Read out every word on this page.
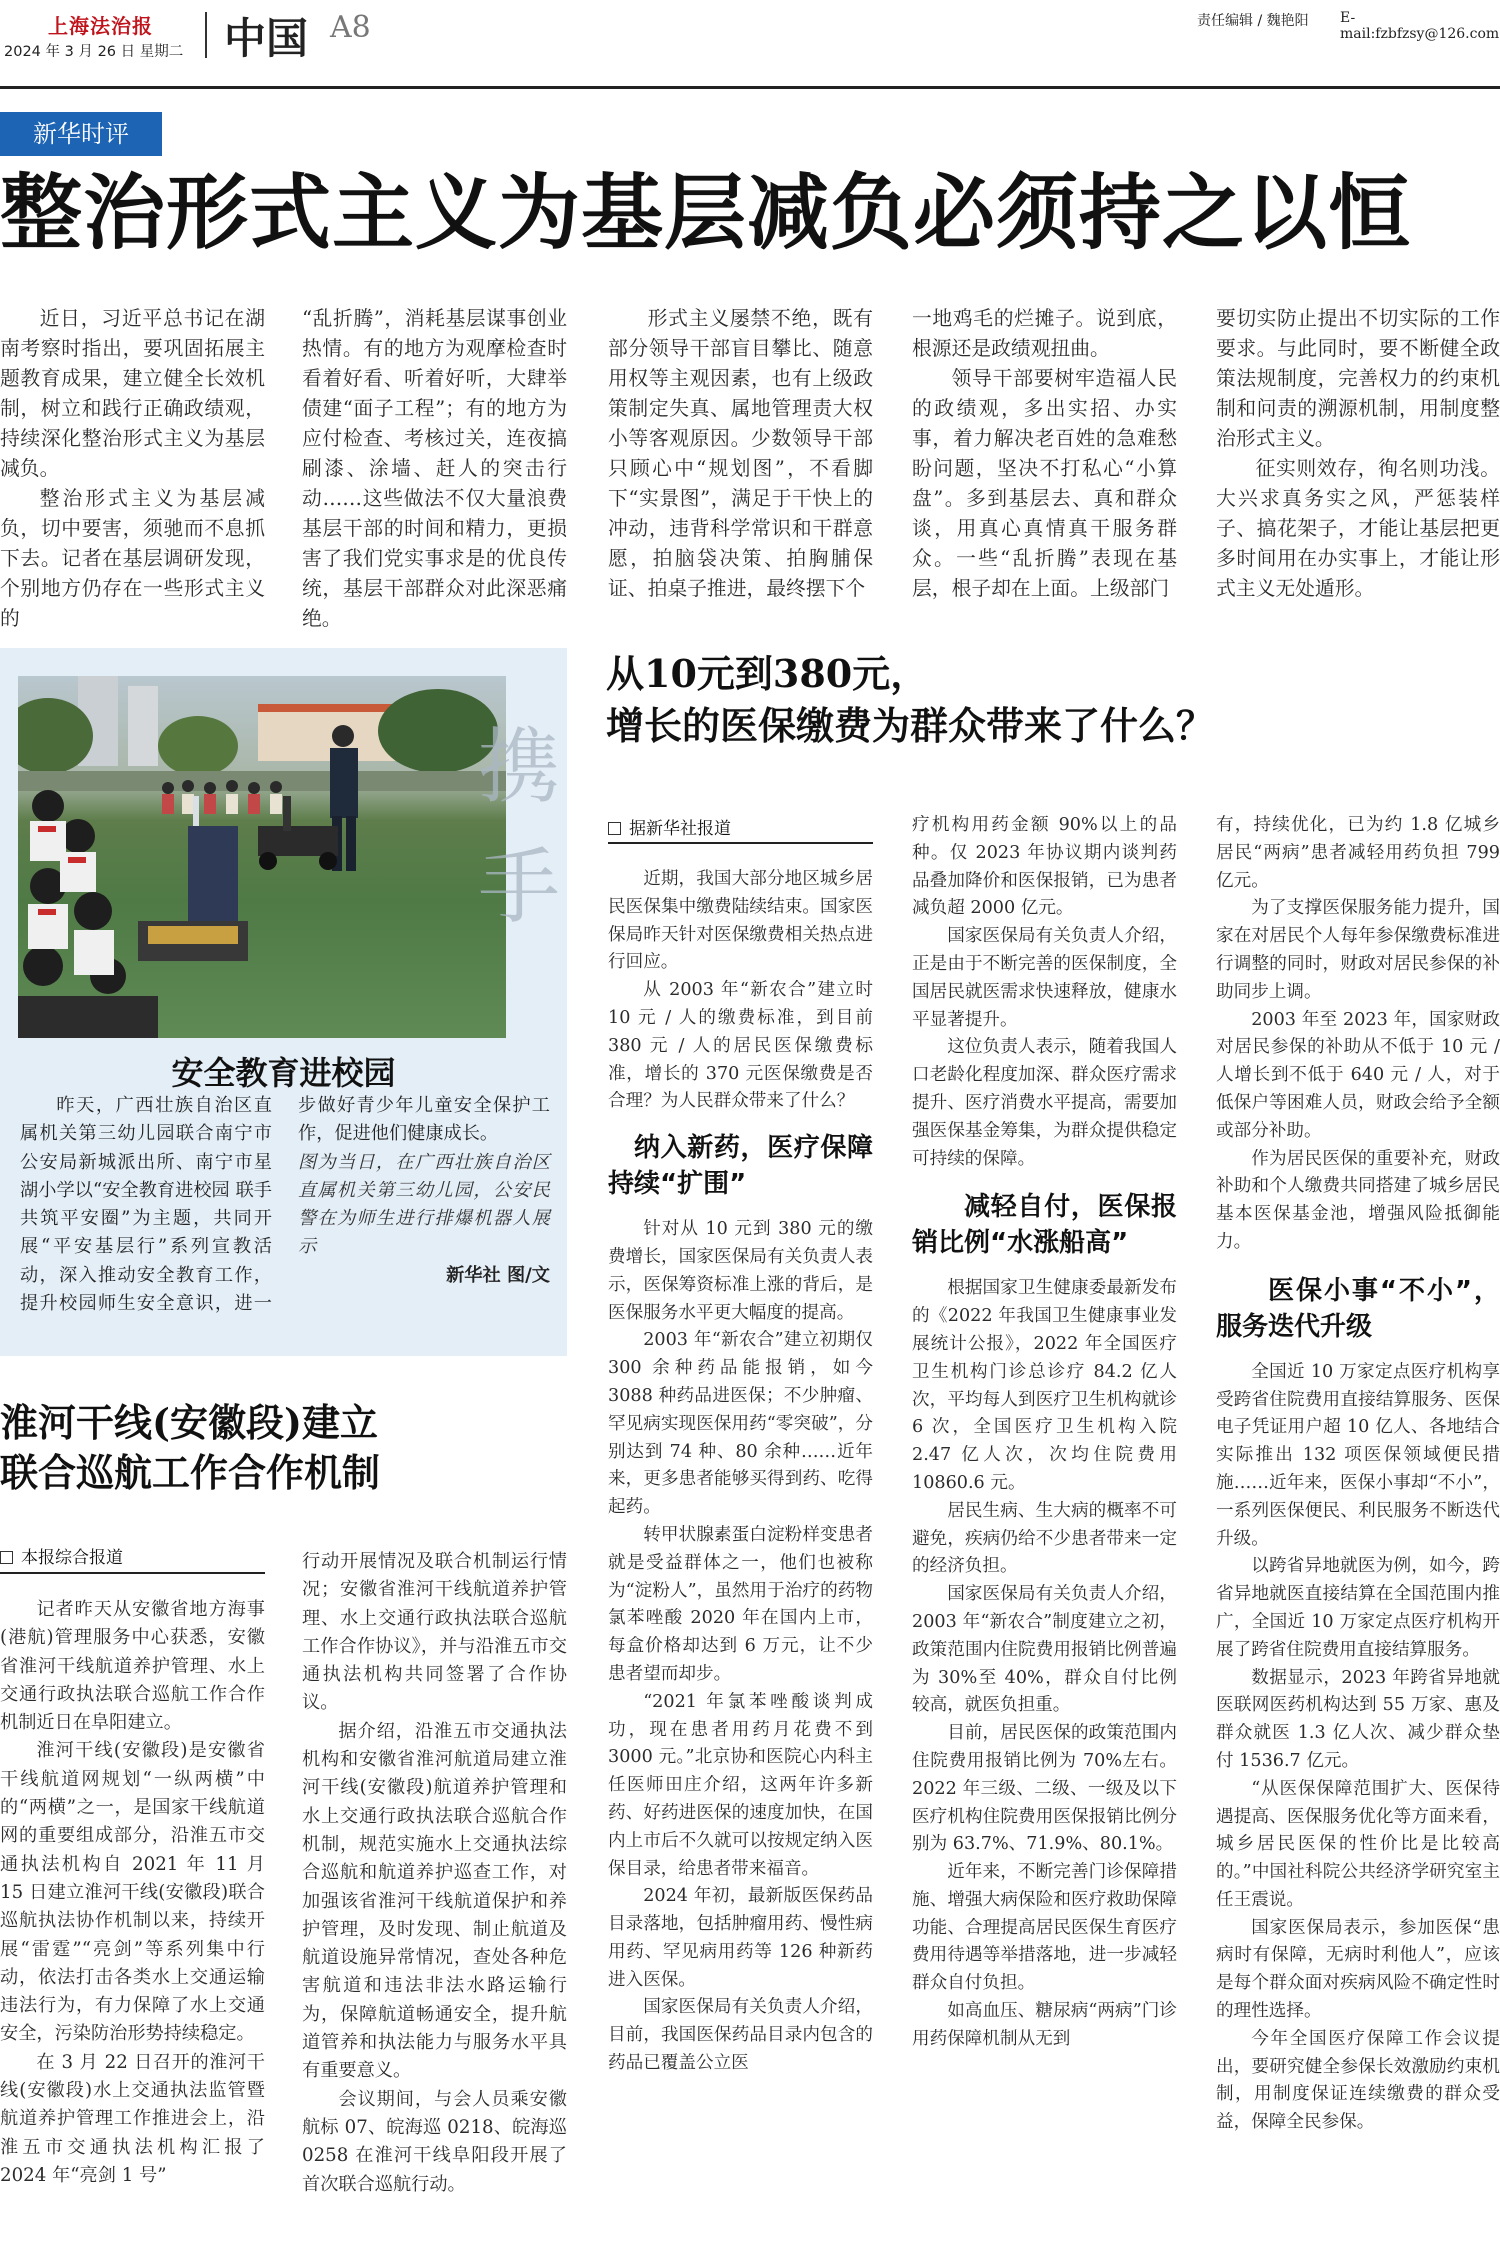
上海法治报
2024 年 3 月 26 日 星期二 中国 A8	责任编辑 / 魏艳阳 E-mail:fzbfzsy@126.com
新华时评
整治形式主义为基层减负必须持之以恒

近日，习近平总书记在湖南考察时指出，要巩固拓展主题教育成果，建立健全长效机制，树立和践行正确政绩观，持续深化整治形式主义为基层减负。

整治形式主义为基层减负，切中要害，须驰而不息抓下去。记者在基层调研发现，个别地方仍存在一些形式主义的

“乱折腾”，消耗基层谋事创业热情。有的地方为观摩检查时看着好看、听着好听，大肆举债建“面子工程”；有的地方为应付检查、考核过关，连夜搞刷漆、涂墙、赶人的突击行动……这些做法不仅大量浪费基层干部的时间和精力，更损害了我们党实事求是的优良传统，基层干部群众对此深恶痛绝。

形式主义屡禁不绝，既有部分领导干部盲目攀比、随意用权等主观因素，也有上级政策制定失真、属地管理责大权小等客观原因。少数领导干部只顾心中“规划图”，不看脚下“实景图”，满足于干快上的冲动，违背科学常识和干群意愿，拍脑袋决策、拍胸脯保证、拍桌子推进，最终摆下个

一地鸡毛的烂摊子。说到底，根源还是政绩观扭曲。

领导干部要树牢造福人民的政绩观，多出实招、办实事，着力解决老百姓的急难愁盼问题，坚决不打私心“小算盘”。多到基层去、真和群众谈，用真心真情真干服务群众。一些“乱折腾”表现在基层，根子却在上面。上级部门

要切实防止提出不切实际的工作要求。与此同时，要不断健全政策法规制度，完善权力的约束机制和问责的溯源机制，用制度整治形式主义。

征实则效存，徇名则功浅。大兴求真务实之风，严惩装样子、搞花架子，才能让基层把更多时间用在办实事上，才能让形式主义无处遁形。

携手
安全教育进校园
昨天，广西壮族自治区直属机关第三幼儿园联合南宁市公安局新城派出所、南宁市星湖小学以“安全教育进校园 联手共筑平安圈”为主题，共同开展“平安基层行”系列宣教活动，深入推动安全教育工作，提升校园师生安全意识，进一步做好青少年儿童安全保护工作，促进他们健康成长。
图为当日，在广西壮族自治区直属机关第三幼儿园，公安民警在为师生进行排爆机器人展示
新华社 图/文
淮河干线(安徽段)建立
联合巡航工作合作机制
本报综合报道

记者昨天从安徽省地方海事(港航)管理服务中心获悉，安徽省淮河干线航道养护管理、水上交通行政执法联合巡航工作合作机制近日在阜阳建立。

淮河干线(安徽段)是安徽省干线航道网规划“一纵两横”中的“两横”之一，是国家干线航道网的重要组成部分，沿淮五市交通执法机构自 2021 年 11 月 15 日建立淮河干线(安徽段)联合巡航执法协作机制以来，持续开展“雷霆”“亮剑”等系列集中行动，依法打击各类水上交通运输违法行为，有力保障了水上交通安全，污染防治形势持续稳定。

在 3 月 22 日召开的淮河干线(安徽段)水上交通执法监管暨航道养护管理工作推进会上，沿淮五市交通执法机构汇报了 2024 年“亮剑 1 号”

行动开展情况及联合机制运行情况；安徽省淮河干线航道养护管理、水上交通行政执法联合巡航工作合作协议》，并与沿淮五市交通执法机构共同签署了合作协议。

据介绍，沿淮五市交通执法机构和安徽省淮河航道局建立淮河干线(安徽段)航道养护管理和水上交通行政执法联合巡航合作机制，规范实施水上交通执法综合巡航和航道养护巡查工作，对加强该省淮河干线航道保护和养护管理，及时发现、制止航道及航道设施异常情况，查处各种危害航道和违法非法水路运输行为，保障航道畅通安全，提升航道管养和执法能力与服务水平具有重要意义。

会议期间，与会人员乘安徽航标 07、皖海巡 0218、皖海巡 0258 在淮河干线阜阳段开展了首次联合巡航行动。

从10元到380元，
增长的医保缴费为群众带来了什么？
据新华社报道

近期，我国大部分地区城乡居民医保集中缴费陆续结束。国家医保局昨天针对医保缴费相关热点进行回应。

从 2003 年“新农合”建立时 10 元 / 人的缴费标准，到目前 380 元 / 人的居民医保缴费标准，增长的 370 元医保缴费是否合理？为人民群众带来了什么？

纳入新药，医疗保障持续“扩围”

针对从 10 元到 380 元的缴费增长，国家医保局有关负责人表示，医保筹资标准上涨的背后，是医保服务水平更大幅度的提高。

2003 年“新农合”建立初期仅 300 余种药品能报销，如今 3088 种药品进医保；不少肿瘤、罕见病实现医保用药“零突破”，分别达到 74 种、80 余种……近年来，更多患者能够买得到药、吃得起药。

转甲状腺素蛋白淀粉样变患者就是受益群体之一，他们也被称为“淀粉人”，虽然用于治疗的药物氯苯唑酸 2020 年在国内上市，每盒价格却达到 6 万元，让不少患者望而却步。

“2021 年氯苯唑酸谈判成功，现在患者用药月花费不到 3000 元。”北京协和医院心内科主任医师田庄介绍，这两年许多新药、好药进医保的速度加快，在国内上市后不久就可以按规定纳入医保目录，给患者带来福音。

2024 年初，最新版医保药品目录落地，包括肿瘤用药、慢性病用药、罕见病用药等 126 种新药进入医保。

国家医保局有关负责人介绍，目前，我国医保药品目录内包含的药品已覆盖公立医

疗机构用药金额 90%以上的品种。仅 2023 年协议期内谈判药品叠加降价和医保报销，已为患者减负超 2000 亿元。

国家医保局有关负责人介绍，正是由于不断完善的医保制度，全国居民就医需求快速释放，健康水平显著提升。

这位负责人表示，随着我国人口老龄化程度加深、群众医疗需求提升、医疗消费水平提高，需要加强医保基金筹集，为群众提供稳定可持续的保障。

减轻自付，医保报销比例“水涨船高”

根据国家卫生健康委最新发布的《2022 年我国卫生健康事业发展统计公报》，2022 年全国医疗卫生机构门诊总诊疗 84.2 亿人次，平均每人到医疗卫生机构就诊 6 次，全国医疗卫生机构入院 2.47 亿人次，次均住院费用 10860.6 元。

居民生病、生大病的概率不可避免，疾病仍给不少患者带来一定的经济负担。

国家医保局有关负责人介绍，2003 年“新农合”制度建立之初，政策范围内住院费用报销比例普遍为 30%至 40%，群众自付比例较高，就医负担重。

目前，居民医保的政策范围内住院费用报销比例为 70%左右。2022 年三级、二级、一级及以下医疗机构住院费用医保报销比例分别为 63.7%、71.9%、80.1%。

近年来，不断完善门诊保障措施、增强大病保险和医疗救助保障功能、合理提高居民医保生育医疗费用待遇等举措落地，进一步减轻群众自付负担。

如高血压、糖尿病“两病”门诊用药保障机制从无到

有，持续优化，已为约 1.8 亿城乡居民“两病”患者减轻用药负担 799 亿元。

为了支撑医保服务能力提升，国家在对居民个人每年参保缴费标准进行调整的同时，财政对居民参保的补助同步上调。

2003 年至 2023 年，国家财政对居民参保的补助从不低于 10 元 / 人增长到不低于 640 元 / 人，对于低保户等困难人员，财政会给予全额或部分补助。

作为居民医保的重要补充，财政补助和个人缴费共同搭建了城乡居民基本医保基金池，增强风险抵御能力。

医保小事“不小”，服务迭代升级

全国近 10 万家定点医疗机构享受跨省住院费用直接结算服务、医保电子凭证用户超 10 亿人、各地结合实际推出 132 项医保领域便民措施……近年来，医保小事却“不小”，一系列医保便民、利民服务不断迭代升级。

以跨省异地就医为例，如今，跨省异地就医直接结算在全国范围内推广，全国近 10 万家定点医疗机构开展了跨省住院费用直接结算服务。

数据显示，2023 年跨省异地就医联网医药机构达到 55 万家、惠及群众就医 1.3 亿人次、减少群众垫付 1536.7 亿元。

“从医保保障范围扩大、医保待遇提高、医保服务优化等方面来看，城乡居民医保的性价比是比较高的。”中国社科院公共经济学研究室主任王震说。

国家医保局表示，参加医保“患病时有保障，无病时利他人”，应该是每个群众面对疾病风险不确定性时的理性选择。

今年全国医疗保障工作会议提出，要研究健全参保长效激励约束机制，用制度保证连续缴费的群众受益，保障全民参保。
